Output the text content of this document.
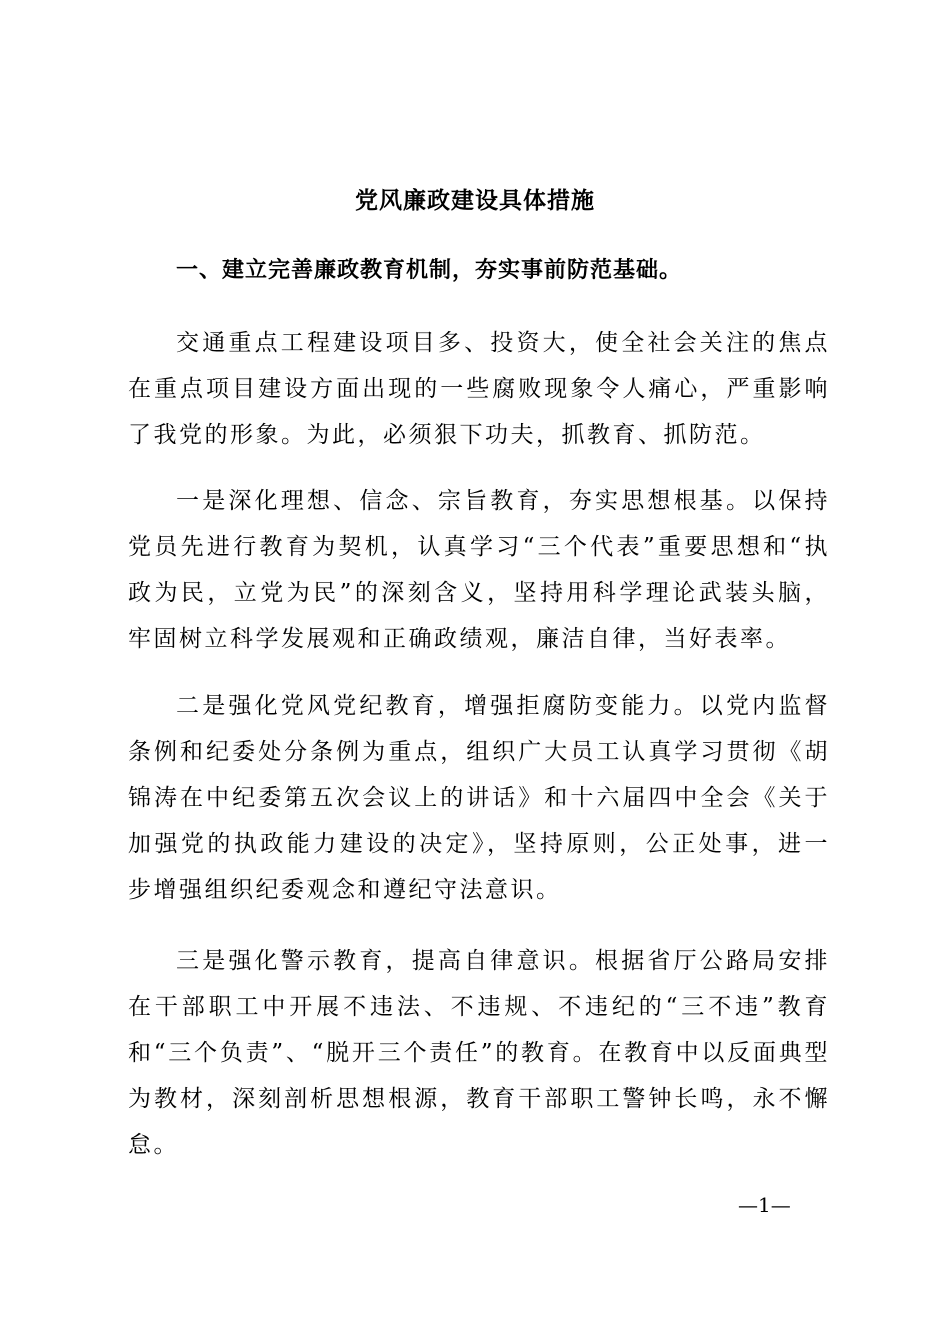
党风廉政建设具体措施
一、建立完善廉政教育机制，夯实事前防范基础。

交通重点工程建设项目多、投资大，使全社会关注的焦点在重点项目建设方面出现的一些腐败现象令人痛心，严重影响了我党的形象。为此，必须狠下功夫，抓教育、抓防范。

一是深化理想、信念、宗旨教育，夯实思想根基。以保持党员先进行教育为契机，认真学习“三个代表”重要思想和“执政为民，立党为民”的深刻含义，坚持用科学理论武装头脑，牢固树立科学发展观和正确政绩观，廉洁自律，当好表率。

二是强化党风党纪教育，增强拒腐防变能力。以党内监督条例和纪委处分条例为重点，组织广大员工认真学习贯彻《胡锦涛在中纪委第五次会议上的讲话》和十六届四中全会《关于加强党的执政能力建设的决定》，坚持原则，公正处事，进一步增强组织纪委观念和遵纪守法意识。

三是强化警示教育，提高自律意识。根据省厅公路局安排在干部职工中开展不违法、不违规、不违纪的“三不违”教育和“三个负责”、“脱开三个责任”的教育。在教育中以反面典型为教材，深刻剖析思想根源，教育干部职工警钟长鸣，永不懈怠。

—1—
